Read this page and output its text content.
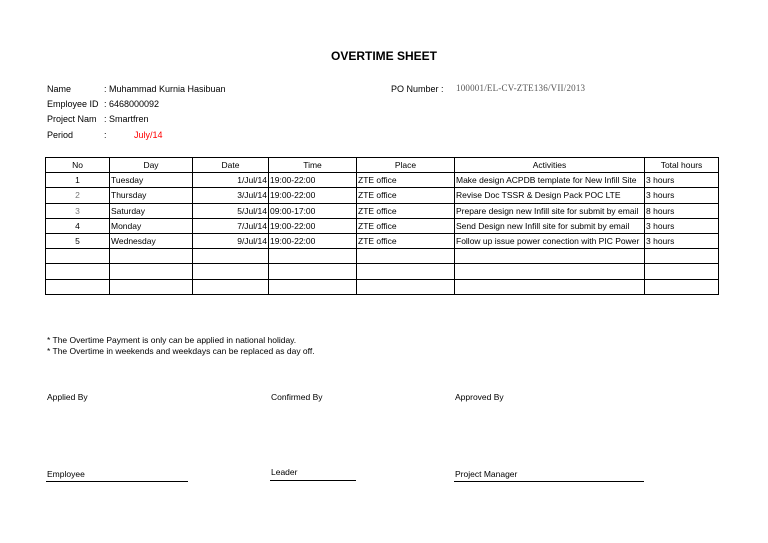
OVERTIME SHEET
Name	: Muhammad Kurnia Hasibuan
Employee ID : 6468000092
Project Nam : Smartfren
Period	:	July/14
PO Number : 100001/EL-CV-ZTE136/VII/2013
No	Day	Date	Time	Place	Activities	Total hours
1	Tuesday	1/Jul/14	19:00-22:00	ZTE office	Make design ACPDB template for New Infill Site	3 hours
2	Thursday	3/Jul/14	19:00-22:00	ZTE office	Revise Doc TSSR & Design Pack POC LTE	3 hours
3	Saturday	5/Jul/14	09:00-17:00	ZTE office	Prepare design new Infill site for submit by email	8 hours
4	Monday	7/Jul/14	19:00-22:00	ZTE office	Send Design new Infill site for submit by email	3 hours
5	Wednesday	9/Jul/14	19:00-22:00	ZTE office	Follow up issue power conection with PIC Power	3 hours

* The Overtime Payment is only can be applied in national holiday.
* The Overtime in weekends and weekdays can be replaced as day off.
Applied By	Confirmed By	Approved By
Employee	Leader	Project Manager
